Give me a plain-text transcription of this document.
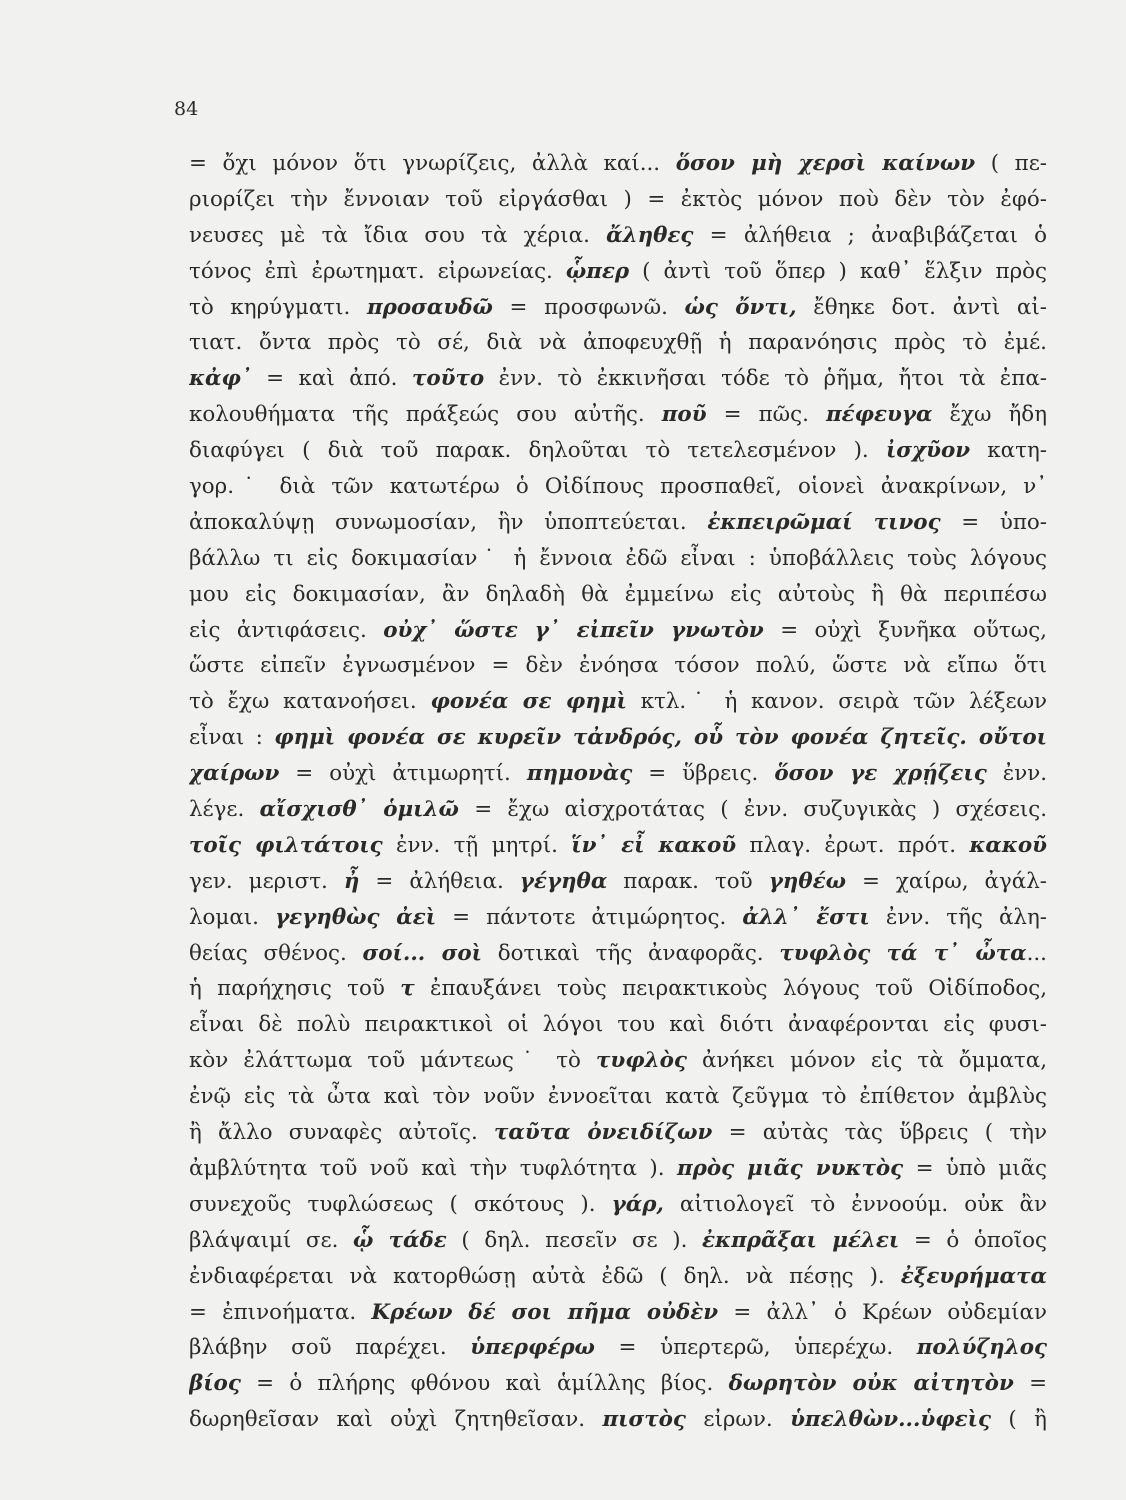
84
= ὄχι μόνον ὅτι γνωρίζεις, ἀλλὰ καί... ὅσον μὴ χερσὶ καίνων ( πε-
ριορίζει τὴν ἔννοιαν τοῦ εἰργάσθαι ) = ἐκτὸς μόνον ποὺ δὲν τὸν ἐφό-
νευσες μὲ τὰ ἴδια σου τὰ χέρια. ἄληθες = ἀλήθεια ; ἀναβιβάζεται ὁ
τόνος ἐπὶ ἐρωτηματ. εἰρωνείας. ᾧπερ ( ἀντὶ τοῦ ὅπερ ) καθ᾽ ἕλξιν πρὸς
τὸ κηρύγματι. προσαυδῶ = προσφωνῶ. ὡς ὄντι, ἔθηκε δοτ. ἀντὶ αἰ-
τιατ. ὄντα πρὸς τὸ σέ, διὰ νὰ ἀποφευχθῇ ἡ παρανόησις πρὸς τὸ ἐμέ.
κἀφ᾽ = καὶ ἀπό. τοῦτο ἐνν. τὸ ἐκκινῆσαι τόδε τὸ ῥῆμα, ἤτοι τὰ ἐπα-
κολουθήματα τῆς πράξεώς σου αὐτῆς. ποῦ = πῶς. πέφευγα ἔχω ἤδη
διαφύγει ( διὰ τοῦ παρακ. δηλοῦται τὸ τετελεσμένον ). ἰσχῦον κατη-
γορ.˙ διὰ τῶν κατωτέρω ὁ Οἰδίπους προσπαθεῖ, οἱονεὶ ἀνακρίνων, ν᾽
ἀποκαλύψῃ συνωμοσίαν, ἣν ὑποπτεύεται. ἐκπειρῶμαί τινος = ὑπο-
βάλλω τι εἰς δοκιμασίαν˙ ἡ ἔννοια ἐδῶ εἶναι : ὑποβάλλεις τοὺς λόγους
μου εἰς δοκιμασίαν, ἂν δηλαδὴ θὰ ἐμμείνω εἰς αὐτοὺς ἢ θὰ περιπέσω
εἰς ἀντιφάσεις. οὐχ᾽ ὥστε γ᾽ εἰπεῖν γνωτὸν = οὐχὶ ξυνῆκα οὕτως,
ὥστε εἰπεῖν ἐγνωσμένον = δὲν ἐνόησα τόσον πολύ, ὥστε νὰ εἴπω ὅτι
τὸ ἔχω κατανοήσει. φονέα σε φημὶ κτλ.˙ ἡ κανον. σειρὰ τῶν λέξεων
εἶναι : φημὶ φονέα σε κυρεῖν τἀνδρός, οὗ τὸν φονέα ζητεῖς. οὔτοι
χαίρων = οὐχὶ ἀτιμωρητί. πημονὰς = ὕβρεις. ὅσον γε χρῄζεις ἐνν.
λέγε. αἴσχισθ᾽ ὁμιλῶ = ἔχω αἰσχροτάτας ( ἐνν. συζυγικὰς ) σχέσεις.
τοῖς φιλτάτοις ἐνν. τῇ μητρί. ἵν᾽ εἶ κακοῦ πλαγ. ἐρωτ. πρότ. κακοῦ
γεν. μεριστ. ἦ = ἀλήθεια. γέγηθα παρακ. τοῦ γηθέω = χαίρω, ἀγάλ-
λομαι. γεγηθὼς ἀεὶ = πάντοτε ἀτιμώρητος. ἀλλ᾽ ἔστι ἐνν. τῆς ἀλη-
θείας σθένος. σοί... σοὶ δοτικαὶ τῆς ἀναφορᾶς. τυφλὸς τά τ᾽ ὦτα...
ἡ παρήχησις τοῦ τ ἐπαυξάνει τοὺς πειρακτικοὺς λόγους τοῦ Οἰδίποδος,
εἶναι δὲ πολὺ πειρακτικοὶ οἱ λόγοι του καὶ διότι ἀναφέρονται εἰς φυσι-
κὸν ἐλάττωμα τοῦ μάντεως˙ τὸ τυφλὸς ἀνήκει μόνον εἰς τὰ ὄμματα,
ἐνῷ εἰς τὰ ὦτα καὶ τὸν νοῦν ἐννοεῖται κατὰ ζεῦγμα τὸ ἐπίθετον ἀμβλὺς
ἢ ἄλλο συναφὲς αὐτοῖς. ταῦτα ὀνειδίζων = αὐτὰς τὰς ὕβρεις ( τὴν
ἀμβλύτητα τοῦ νοῦ καὶ τὴν τυφλότητα ). πρὸς μιᾶς νυκτὸς = ὑπὸ μιᾶς
συνεχοῦς τυφλώσεως ( σκότους ). γάρ, αἰτιολογεῖ τὸ ἐννοούμ. οὐκ ἂν
βλάψαιμί σε. ᾧ τάδε ( δηλ. πεσεῖν σε ). ἐκπρᾶξαι μέλει = ὁ ὁποῖος
ἐνδιαφέρεται νὰ κατορθώσῃ αὐτὰ ἐδῶ ( δηλ. νὰ πέσῃς ). ἐξευρήματα
= ἐπινοήματα. Κρέων δέ σοι πῆμα οὐδὲν = ἀλλ᾽ ὁ Κρέων οὐδεμίαν
βλάβην σοῦ παρέχει. ὑπερφέρω = ὑπερτερῶ, ὑπερέχω. πολύζηλος
βίος = ὁ πλήρης φθόνου καὶ ἁμίλλης βίος. δωρητὸν οὐκ αἰτητὸν =
δωρηθεῖσαν καὶ οὐχὶ ζητηθεῖσαν. πιστὸς εἰρων. ὑπελθὼν...ὑφεὶς ( ἢ
